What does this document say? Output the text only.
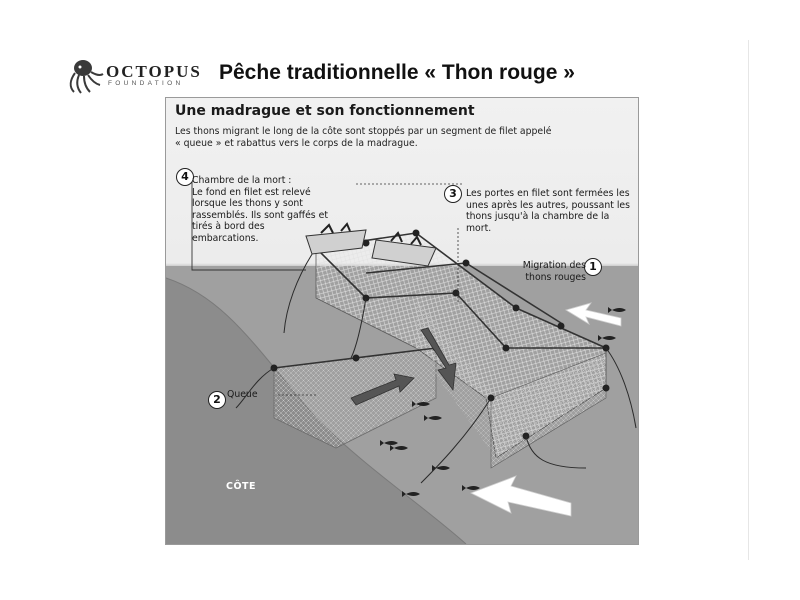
OCTOPUS
FOUNDATION Pêche traditionnelle « Thon rouge »
Une madrague et son fonctionnement

Les thons migrant le long de la côte sont stoppés par un segment de filet appelé « queue » et rabattus vers le corps de la madrague.

4 Chambre de la mort :
Le fond en filet est relevé lorsque les thons y sont rassemblés. Ils sont gaffés et tirés à bord des embarcations.
3 Les portes en filet sont fermées les unes après les autres, poussant les thons jusqu'à la chambre de la mort.

1

Migration des thons rouges

2 Queue

CÔTE
